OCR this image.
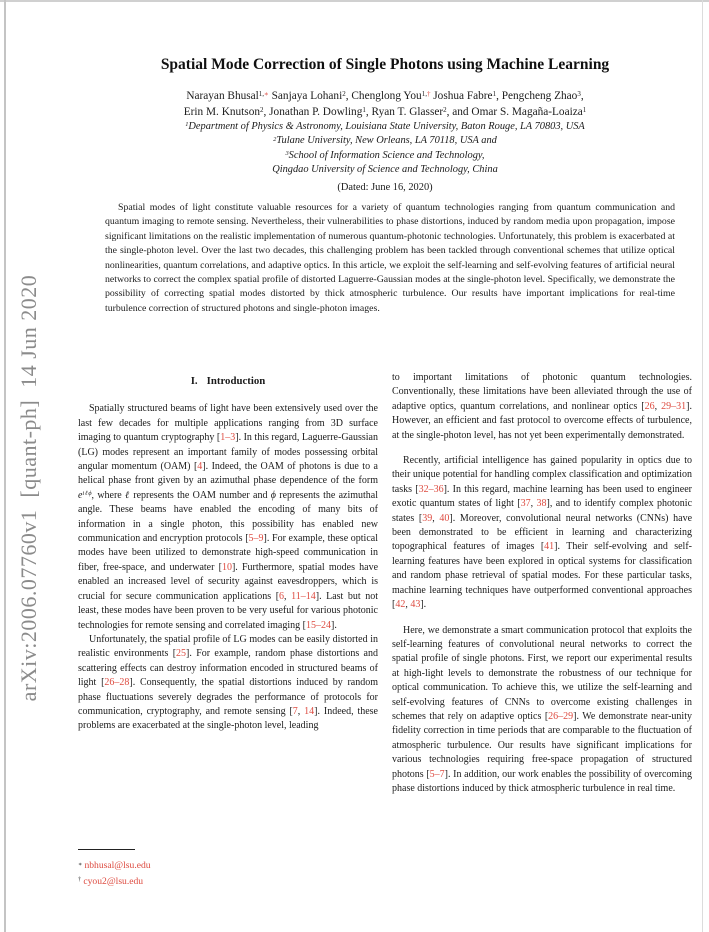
arXiv:2006.07760v1  [quant-ph]  14 Jun 2020
Spatial Mode Correction of Single Photons using Machine Learning

Narayan Bhusal$^{1,∗}$ Sanjaya Lohani$^2$, Chenglong You$^{1,\dagger}$ Joshua Fabre$^1$, Pengcheng Zhao$^3$,

Erin M. Knutson$^2$, Jonathan P. Dowling$^1$, Ryan T. Glasser$^2$, and Omar S. Magaña-Loaiza$^1$

$^1$Department of Physics & Astronomy, Louisiana State University, Baton Rouge, LA 70803, USA

$^2$Tulane University, New Orleans, LA 70118, USA and

$^3$School of Information Science and Technology,

Qingdao University of Science and Technology, China

(Dated: June 16, 2020)

Spatial modes of light constitute valuable resources for a variety of quantum technologies ranging from quantum communication and quantum imaging to remote sensing. Nevertheless, their vulnerabilities to phase distortions, induced by random media upon propagation, impose significant limitations on the realistic implementation of numerous quantum-photonic technologies. Unfortunately, this problem is exacerbated at the single-photon level. Over the last two decades, this challenging problem has been tackled through conventional schemes that utilize optical nonlinearities, quantum correlations, and adaptive optics. In this article, we exploit the self-learning and self-evolving features of artificial neural networks to correct the complex spatial profile of distorted Laguerre-Gaussian modes at the single-photon level. Specifically, we demonstrate the possibility of correcting spatial modes distorted by thick atmospheric turbulence. Our results have important implications for real-time turbulence correction of structured photons and single-photon images.
I. Introduction

Spatially structured beams of light have been extensively used over the last few decades for multiple applications ranging from 3D surface imaging to quantum cryptography [1–3]. In this regard, Laguerre-Gaussian (LG) modes represent an important family of modes possessing orbital angular momentum (OAM) [4]. Indeed, the OAM of photons is due to a helical phase front given by an azimuthal phase dependence of the form $e^{i\ell\phi}$, where ℓ represents the OAM number and ϕ represents the azimuthal angle. These beams have enabled the encoding of many bits of information in a single photon, this possibility has enabled new communication and encryption protocols [5–9]. For example, these optical modes have been utilized to demonstrate high-speed communication in fiber, free-space, and underwater [10]. Furthermore, spatial modes have enabled an increased level of security against eavesdroppers, which is crucial for secure communication applications [6, 11–14]. Last but not least, these modes have been proven to be very useful for various photonic technologies for remote sensing and correlated imaging [15–24].

Unfortunately, the spatial profile of LG modes can be easily distorted in realistic environments [25]. For example, random phase distortions and scattering effects can destroy information encoded in structured beams of light [26–28]. Consequently, the spatial distortions induced by random phase fluctuations severely degrades the performance of protocols for communication, cryptography, and remote sensing [7, 14]. Indeed, these problems are exacerbated at the single-photon level, leading

to important limitations of photonic quantum technologies. Conventionally, these limitations have been alleviated through the use of adaptive optics, quantum correlations, and nonlinear optics [26, 29–31]. However, an efficient and fast protocol to overcome effects of turbulence, at the single-photon level, has not yet been experimentally demonstrated.

Recently, artificial intelligence has gained popularity in optics due to their unique potential for handling complex classification and optimization tasks [32–36]. In this regard, machine learning has been used to engineer exotic quantum states of light [37, 38], and to identify complex photonic states [39, 40]. Moreover, convolutional neural networks (CNNs) have been demonstrated to be efficient in learning and characterizing topographical features of images [41]. Their self-evolving and self-learning features have been explored in optical systems for classification and random phase retrieval of spatial modes. For these particular tasks, machine learning techniques have outperformed conventional approaches [42, 43].

Here, we demonstrate a smart communication protocol that exploits the self-learning features of convolutional neural networks to correct the spatial profile of single photons. First, we report our experimental results at high-light levels to demonstrate the robustness of our technique for optical communication. To achieve this, we utilize the self-learning and self-evolving features of CNNs to overcome existing challenges in schemes that rely on adaptive optics [26–29]. We demonstrate near-unity fidelity correction in time periods that are comparable to the fluctuation of atmospheric turbulence. Our results have significant implications for various technologies requiring free-space propagation of structured photons [5–7]. In addition, our work enables the possibility of overcoming phase distortions induced by thick atmospheric turbulence in real time.

∗ nbhusal@lsu.edu

† cyou2@lsu.edu
